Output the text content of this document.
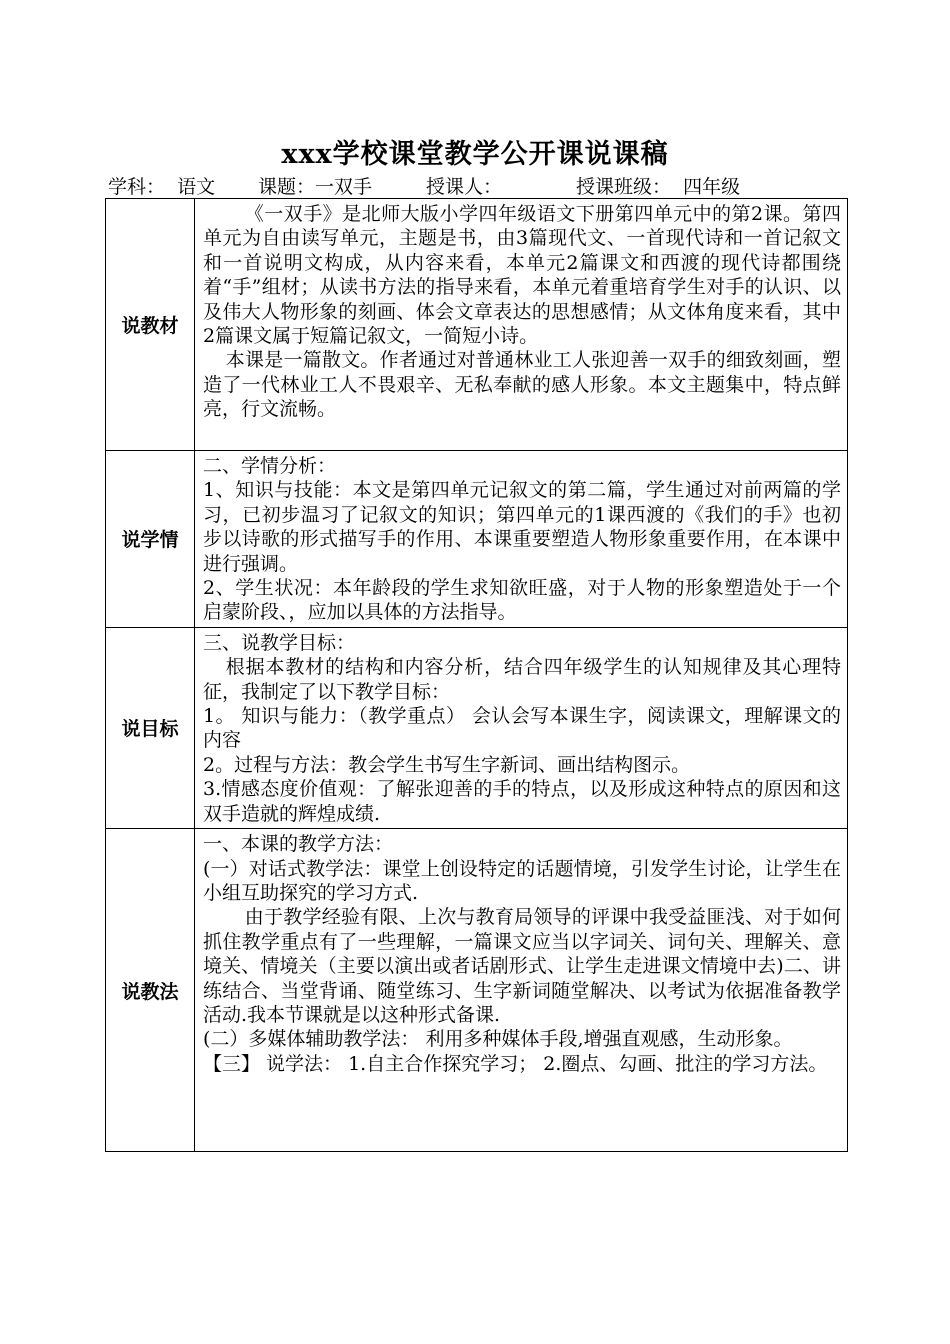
xxx学校课堂教学公开课说课稿
学科：  语文 课题：一双手	授课人：	授课班级：  四年级
说教材	《一双手》是北师大版小学四年级语文下册第四单元中的第2课。第四单元为自由读写单元，主题是书，由3篇现代文、一首现代诗和一首记叙文和一首说明文构成，从内容来看，本单元2篇课文和西渡的现代诗都围绕着“手”组材；从读书方法的指导来看，本单元着重培育学生对手的认识、以及伟大人物形象的刻画、体会文章表达的思想感情；从文体角度来看，其中2篇课文属于短篇记叙文，一简短小诗。

本课是一篇散文。作者通过对普通林业工人张迎善一双手的细致刻画，塑造了一代林业工人不畏艰辛、无私奉献的感人形象。本文主题集中，特点鲜亮，行文流畅。

说学情	二、学情分析：

1、知识与技能：本文是第四单元记叙文的第二篇，学生通过对前两篇的学习，已初步温习了记叙文的知识；第四单元的1课西渡的《我们的手》也初步以诗歌的形式描写手的作用、本课重要塑造人物形象重要作用，在本课中进行强调。

2、学生状况：本年龄段的学生求知欲旺盛，对于人物的形象塑造处于一个启蒙阶段、，应加以具体的方法指导。

说目标	三、说教学目标：

根据本教材的结构和内容分析，结合四年级学生的认知规律及其心理特征，我制定了以下教学目标：

1。 知识与能力：（教学重点） 会认会写本课生字，阅读课文，理解课文的内容

2。过程与方法：教会学生书写生字新词、画出结构图示。

3.情感态度价值观：了解张迎善的手的特点，以及形成这种特点的原因和这双手造就的辉煌成绩.

说教法	一、本课的教学方法：

(一）对话式教学法：课堂上创设特定的话题情境，引发学生讨论，让学生在小组互助探究的学习方式.

由于教学经验有限、上次与教育局领导的评课中我受益匪浅、对于如何抓住教学重点有了一些理解，一篇课文应当以字词关、词句关、理解关、意境关、情境关（主要以演出或者话剧形式、让学生走进课文情境中去)二、讲练结合、当堂背诵、随堂练习、生字新词随堂解决、以考试为依据准备教学活动.我本节课就是以这种形式备课.

(二）多媒体辅助教学法： 利用多种媒体手段,增强直观感，生动形象。

【三】 说学法： 1.自主合作探究学习； 2.圈点、勾画、批注的学习方法。
